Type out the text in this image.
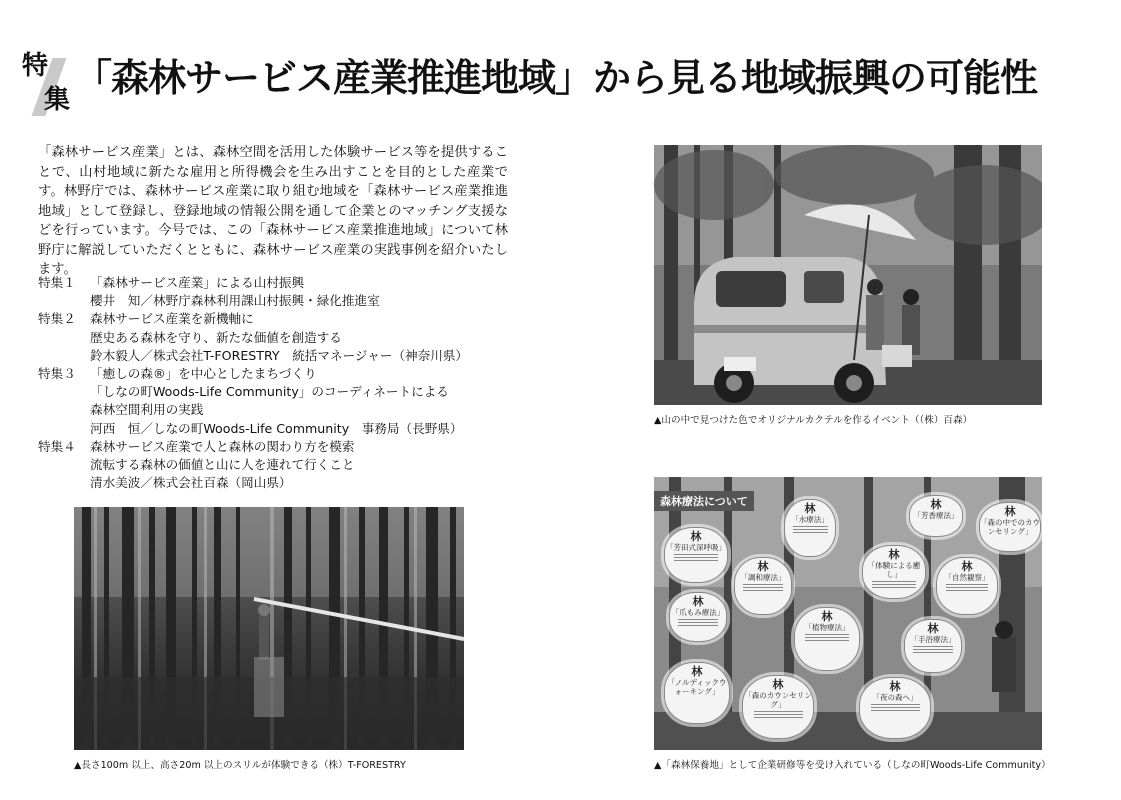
特
集 「森林サービス産業推進地域」 から見る地域振興の可能性
「森林サービス産業」とは、森林空間を活用した体験サービス等を提供することで、山村地域に新たな雇用と所得機会を生み出すことを目的とした産業です。林野庁では、森林サービス産業に取り組む地域を「森林サービス産業推進地域」として登録し、登録地域の情報公開を通して企業とのマッチング支援などを行っています。今号では、この「森林サービス産業推進地域」について林野庁に解説していただくとともに、森林サービス産業の実践事例を紹介いたします。
特集１	「森林サービス産業」による山村振興
櫻井　知／林野庁森林利用課山村振興・緑化推進室
特集２	森林サービス産業を新機軸に
歴史ある森林を守り、新たな価値を創造する
鈴木毅人／株式会社T-FORESTRY　統括マネージャー（神奈川県）
特集３	「癒しの森®」を中心としたまちづくり
「しなの町Woods-Life Community」のコーディネートによる
森林空間利用の実践
河西　恒／しなの町Woods-Life Community　事務局（長野県）
特集４	森林サービス産業で人と森林の関わり方を模索
流転する森林の価値と山に人を連れて行くこと
清水美波／株式会社百森（岡山県）
▲長さ100m 以上、高さ20m 以上のスリルが体験できる（株）T-FORESTRY
▲山の中で見つけた色でオリジナルカクテルを作るイベント（（株）百森）
森林療法について	林
「芳香療法」	林
「森の中でのカウンセリング」
林
「水療法」
林
「芳田式深呼吸」
林
「調和療法」
林
「体験による癒し」
林
「自然観察」
林
「爪もみ療法」	林
「植物療法」	林
「手浴療法」
林
「ノルディックウォーキング」
林
「森のカウンセリング」
林
「夜の森へ」
▲「森林保養地」として企業研修等を受け入れている（しなの町Woods-Life Community）
